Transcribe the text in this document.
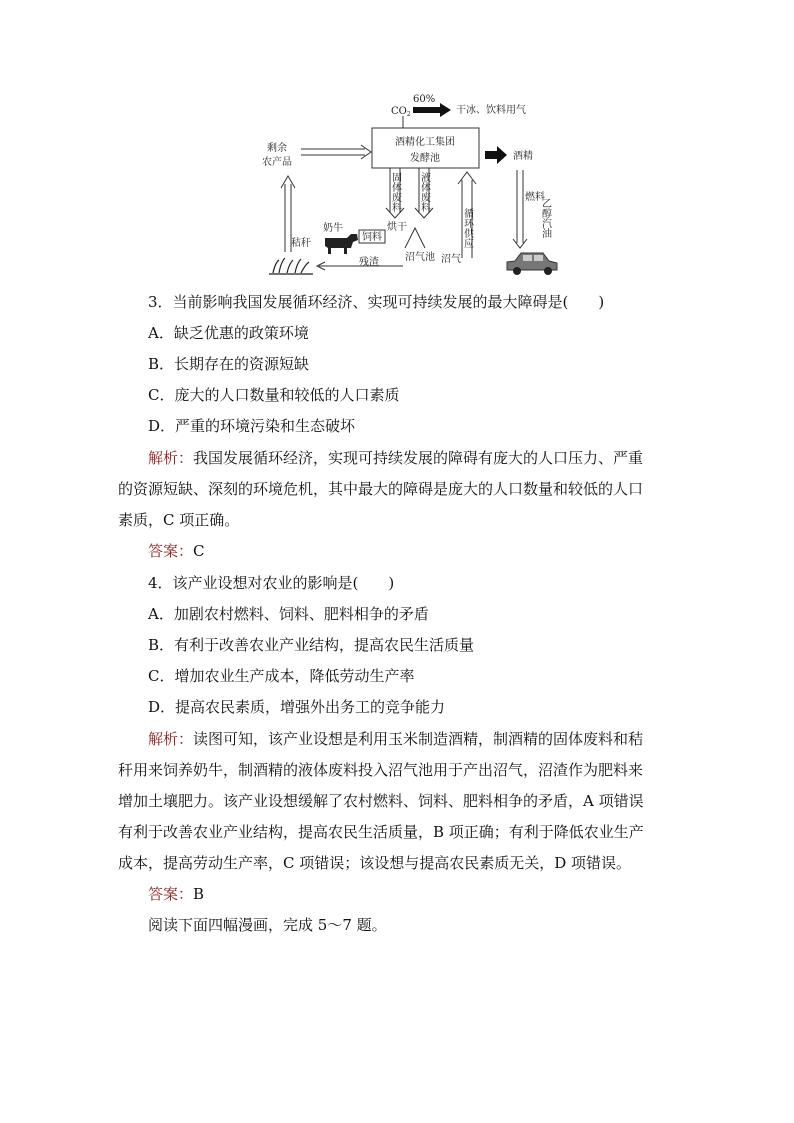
酒精化工集团
发酵池
$CO_2$
60%
干冰、饮料用气
剩余
农产品
酒精
燃料
乙醇汽油
固体废料 液体废料
循环供应
奶牛
秸秆
饲料
烘干
沼气池 沼气
残渣
3．当前影响我国发展循环经济、实现可持续发展的最大障碍是(　　)
A．缺乏优惠的政策环境
B．长期存在的资源短缺
C．庞大的人口数量和较低的人口素质
D．严重的环境污染和生态破坏
解析：我国发展循环经济，实现可持续发展的障碍有庞大的人口压力、严重
的资源短缺、深刻的环境危机，其中最大的障碍是庞大的人口数量和较低的人口
素质，C 项正确。
答案：C
4．该产业设想对农业的影响是(　　)
A．加剧农村燃料、饲料、肥料相争的矛盾
B．有利于改善农业产业结构，提高农民生活质量
C．增加农业生产成本，降低劳动生产率
D．提高农民素质，增强外出务工的竞争能力
解析：读图可知，该产业设想是利用玉米制造酒精，制酒精的固体废料和秸
秆用来饲养奶牛，制酒精的液体废料投入沼气池用于产出沼气，沼渣作为肥料来
增加土壤肥力。该产业设想缓解了农村燃料、饲料、肥料相争的矛盾，A 项错误
有利于改善农业产业结构，提高农民生活质量，B 项正确；有利于降低农业生产
成本，提高劳动生产率，C 项错误；该设想与提高农民素质无关，D 项错误。
答案：B
阅读下面四幅漫画，完成 5～7 题。
